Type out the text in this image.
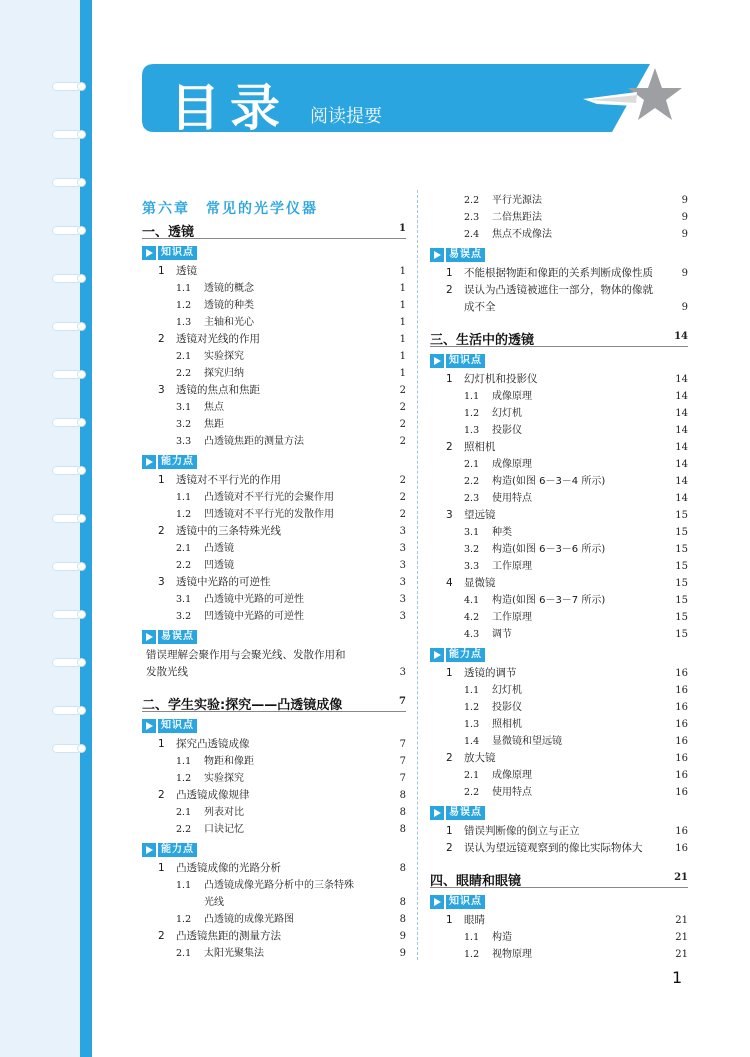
目录 阅读提要
第六章　常见的光学仪器
一、透镜	1
知识点
1 透镜	1
1.1 透镜的概念	1
1.2 透镜的种类	1
1.3 主轴和光心	1
2 透镜对光线的作用	1
2.1 实验探究	1
2.2 探究归纳	1
3 透镜的焦点和焦距	2
3.1 焦点	2
3.2 焦距	2
3.3 凸透镜焦距的测量方法	2
能力点
1 透镜对不平行光的作用	2
1.1 凸透镜对不平行光的会聚作用	2
1.2 凹透镜对不平行光的发散作用	2
2 透镜中的三条特殊光线	3
2.1 凸透镜	3
2.2 凹透镜	3
3 透镜中光路的可逆性	3
3.1 凸透镜中光路的可逆性	3
3.2 凹透镜中光路的可逆性	3
易误点
错误理解会聚作用与会聚光线、发散作用和
发散光线	3
二、学生实验:探究——凸透镜成像	7
知识点
1 探究凸透镜成像	7
1.1 物距和像距	7
1.2 实验探究	7
2 凸透镜成像规律	8
2.1 列表对比	8
2.2 口诀记忆	8
能力点
1 凸透镜成像的光路分析	8
1.1	凸透镜成像光路分析中的三条特殊
光线	8
1.2 凸透镜的成像光路图	8
2 凸透镜焦距的测量方法	9
2.1 太阳光聚集法	9
2.2 平行光源法	9
2.3 二倍焦距法	9
2.4 焦点不成像法	9
易误点
1 不能根据物距和像距的关系判断成像性质	9
2	误认为凸透镜被遮住一部分，物体的像就
成不全	9
三、生活中的透镜	14
知识点
1 幻灯机和投影仪	14
1.1 成像原理	14
1.2 幻灯机	14
1.3 投影仪	14
2 照相机	14
2.1 成像原理	14
2.2 构造(如图 6－3－4 所示)	14
2.3 使用特点	14
3 望远镜	15
3.1 种类	15
3.2 构造(如图 6－3－6 所示)	15
3.3 工作原理	15
4 显微镜	15
4.1 构造(如图 6－3－7 所示)	15
4.2 工作原理	15
4.3 调节	15
能力点
1 透镜的调节	16
1.1 幻灯机	16
1.2 投影仪	16
1.3 照相机	16
1.4 显微镜和望远镜	16
2 放大镜	16
2.1 成像原理	16
2.2 使用特点	16
易误点
1 错误判断像的倒立与正立	16
2 误认为望远镜观察到的像比实际物体大	16
四、眼睛和眼镜	21
知识点
1 眼睛	21
1.1 构造	21
1.2 视物原理	21
1
